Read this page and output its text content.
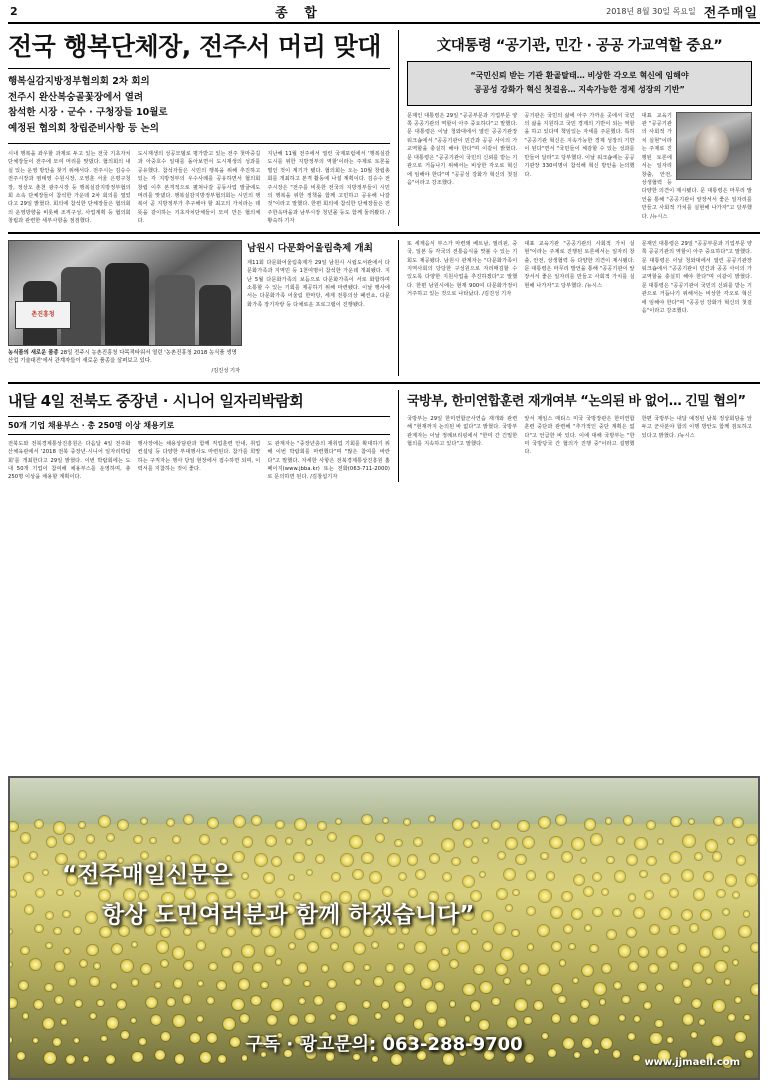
2	종 합	2018년 8월 30일 목요일 전주매일
전국 행복단체장, 전주서 머리 맞대
행복실감지방정부협의회 2차 회의
전주시 완산복숭골꽃장에서 열려
참석한 시장 · 군수 · 구청장들 10월로
예정된 협의회 창립준비사항 등 논의
시내 행복을 좌우할 과제로 두고 있는 전국 기초자치단체장들이 전주에 모여 머리를 맞댔다. 협의회의 내실 있는 운영 방안을 찾기 위해서다. 전주시는 김승수 전주시장과 염태영 수원시장, 오영훈 서울 은평구청장, 정상오 춘천 광주시장 등 행복실감지방정부협의회 소속 단체장들이 참석한 가운데 2차 회의를 열었다고 29일 밝혔다. 회의에 참석한 단체장들은 협의회의 운영방향을 비롯해 조직구성, 사업계획 등 협의회 창립과 관련한 세부사항을 점검했다.
도시재생의 성공모델로 평가받고 있는 전주 첫마중길과 아중호수 일대를 돌아보면서 도시재생의 성과를 공유했다. 참석자들은 시민의 행복을 위해 추진하고 있는 각 지방정부의 우수사례를 공유하면서 협의회 창립 이후 본격적으로 펼쳐나갈 공동사업 발굴에도 머리를 맞댔다. 행복실감지방정부협의회는 시민의 행복이 곧 지방정부가 추구해야 할 최고의 가치라는 데 뜻을 같이하는 기초자치단체들이 모여 만든 협의체다.
지난해 11월 전주에서 열린 국제포럼에서 '행복실감도시를 위한 지방정부의 역할'이라는 주제로 토론을 벌인 것이 계기가 됐다. 협의회는 오는 10월 창립총회를 개최하고 본격 활동에 나설 계획이다. 김승수 전주시장은 "전주를 비롯한 전국의 지방정부들이 시민의 행복을 위한 정책을 함께 고민하고 공유해 나갈 것"이라고 말했다. 한편 회의에 참석한 단체장들은 전주한옥마을과 남부시장 청년몰 등도 함께 둘러봤다. /황숙하 기자
文대통령 “공기관, 민간 · 공공 가교역할 중요”
“국민신뢰 받는 기관 환골탈태… 비상한 각오로 혁신에 임해야
공공성 강화가 혁신 첫걸음… 지속가능한 경제 성장의 기반”
문재인 대통령은 29일 "공공부문과 기업부문 양쪽 공공기관의 역할이 아주 중요하다"고 말했다. 문 대통령은 이날 청와대에서 열린 공공기관장 워크숍에서 "공공기관이 민간과 공공 사이의 가교역할을 충실히 해야 한다"며 이같이 밝혔다. 문 대통령은 "공공기관이 국민의 신뢰를 받는 기관으로 거듭나기 위해서는 비상한 각오로 혁신에 임해야 한다"며 "공공성 강화가 혁신의 첫걸음"이라고 강조했다.
공기관은 국민의 삶에 아주 가까운 곳에서 국민의 삶을 지원하고 국민 경제의 기반이 되는 역할을 하고 있다며 책임있는 자세를 주문했다. 특히 "공공기관 혁신은 지속가능한 경제 성장의 기반이 된다"면서 "국민들이 체감할 수 있는 성과를 만들어 달라"고 당부했다. 이날 워크숍에는 공공기관장 330여명이 참석해 혁신 방안을 논의했다.
대표 교육기관 "공공기관의 사회적 가치 실현"이라는 주제로 진행된 토론에서는 일자리 창출, 안전, 상생협력 등 다양한 의견이 제시됐다. 문 대통령은 마무리 발언을 통해 "공공기관이 앞장서서 좋은 일자리를 만들고 사회적 가치를 실현해 나가자"고 당부했다. /뉴시스
촌진흥청
농식품의 새로운 품종 28일 전주시 농촌진흥청 다목적타워서 열린 '농촌진흥청 2018 농식품 생명산업 기술대전'에서 관계자들이 새로운 품종을 살펴보고 있다.
/김진성 기자
남원시 다문화어울림축제 개최
제11회 다문화어울림축제가 29일 남원시 시립도서관에서 다문화가족과 지역민 등 1천여명이 참석한 가운데 개최됐다. 지난 5월 다문화가족의 보듬으로 다문화가족이 서로 화합하며 소통할 수 있는 기회를 제공하기 위해 마련됐다. 이날 행사에서는 다문화가족 어울림 한마당, 세계 전통의상 패션쇼, 다문화가족 장기자랑 등 다채로운 프로그램이 진행됐다.
또 세계음식 부스가 마련돼 베트남, 필리핀, 중국, 일본 등 각국의 전통음식을 맛볼 수 있는 기회도 제공됐다. 남원시 관계자는 "다문화가족이 지역사회의 당당한 구성원으로 자리매김할 수 있도록 다양한 지원사업을 추진하겠다"고 말했다. 한편 남원시에는 현재 900여 다문화가정이 거주하고 있는 것으로 나타났다. /김진성 기자
대표 교육기관 "공공기관의 사회적 가치 실현"이라는 주제로 진행된 토론에서는 일자리 창출, 안전, 상생협력 등 다양한 의견이 제시됐다. 문 대통령은 마무리 발언을 통해 "공공기관이 앞장서서 좋은 일자리를 만들고 사회적 가치를 실현해 나가자"고 당부했다. /뉴시스
문재인 대통령은 29일 "공공부문과 기업부문 양쪽 공공기관의 역할이 아주 중요하다"고 말했다. 문 대통령은 이날 청와대에서 열린 공공기관장 워크숍에서 "공공기관이 민간과 공공 사이의 가교역할을 충실히 해야 한다"며 이같이 밝혔다. 문 대통령은 "공공기관이 국민의 신뢰를 받는 기관으로 거듭나기 위해서는 비상한 각오로 혁신에 임해야 한다"며 "공공성 강화가 혁신의 첫걸음"이라고 강조했다.
내달 4일 전북도 중장년 · 시니어 일자리박람회
50개 기업 채용부스 · 총 250명 이상 채용키로
전북도와 전북경제통상진흥원은 다음달 4일 전주화산체육관에서 '2018 전북 중장년·시니어 일자리박람회'를 개최한다고 29일 밝혔다. 이번 박람회에는 도내 50개 기업이 참여해 채용부스를 운영하며, 총 250명 이상을 채용할 계획이다.
행사장에는 채용상담관과 함께 직업훈련 안내, 취업컨설팅 등 다양한 부대행사도 마련된다. 참가를 희망하는 구직자는 행사 당일 현장에서 접수하면 되며, 이력서를 지참하는 것이 좋다.
도 관계자는 "중장년층의 재취업 기회를 확대하기 위해 이번 박람회를 마련했다"며 "많은 참여를 바란다"고 말했다. 자세한 사항은 전북경제통상진흥원 홈페이지(www.jbba.kr) 또는 전화(063-711-2000)로 문의하면 된다. /김창섭기자
국방부, 한미연합훈련 재개여부 “논의된 바 없어… 긴밀 협의”
국방부는 29일 한미연합군사연습 재개와 관련해 "현재까지 논의된 바 없다"고 밝혔다. 국방부 관계자는 이날 정례브리핑에서 "한미 간 긴밀한 협의를 지속하고 있다"고 말했다.
앞서 제임스 매티스 미국 국방장관은 한미연합훈련 중단과 관련해 "추가적인 중단 계획은 없다"고 언급한 바 있다. 이에 대해 국방부는 "한미 국방당국 간 협의가 진행 중"이라고 설명했다.
한편 국방부는 내달 예정된 남북 정상회담을 앞두고 군사분야 합의 이행 방안도 함께 검토하고 있다고 밝혔다. /뉴시스
“전주매일신문은
항상 도민여러분과 함께 하겠습니다”
구독 · 광고문의: 063-288-9700
www.jjmaeil.com
